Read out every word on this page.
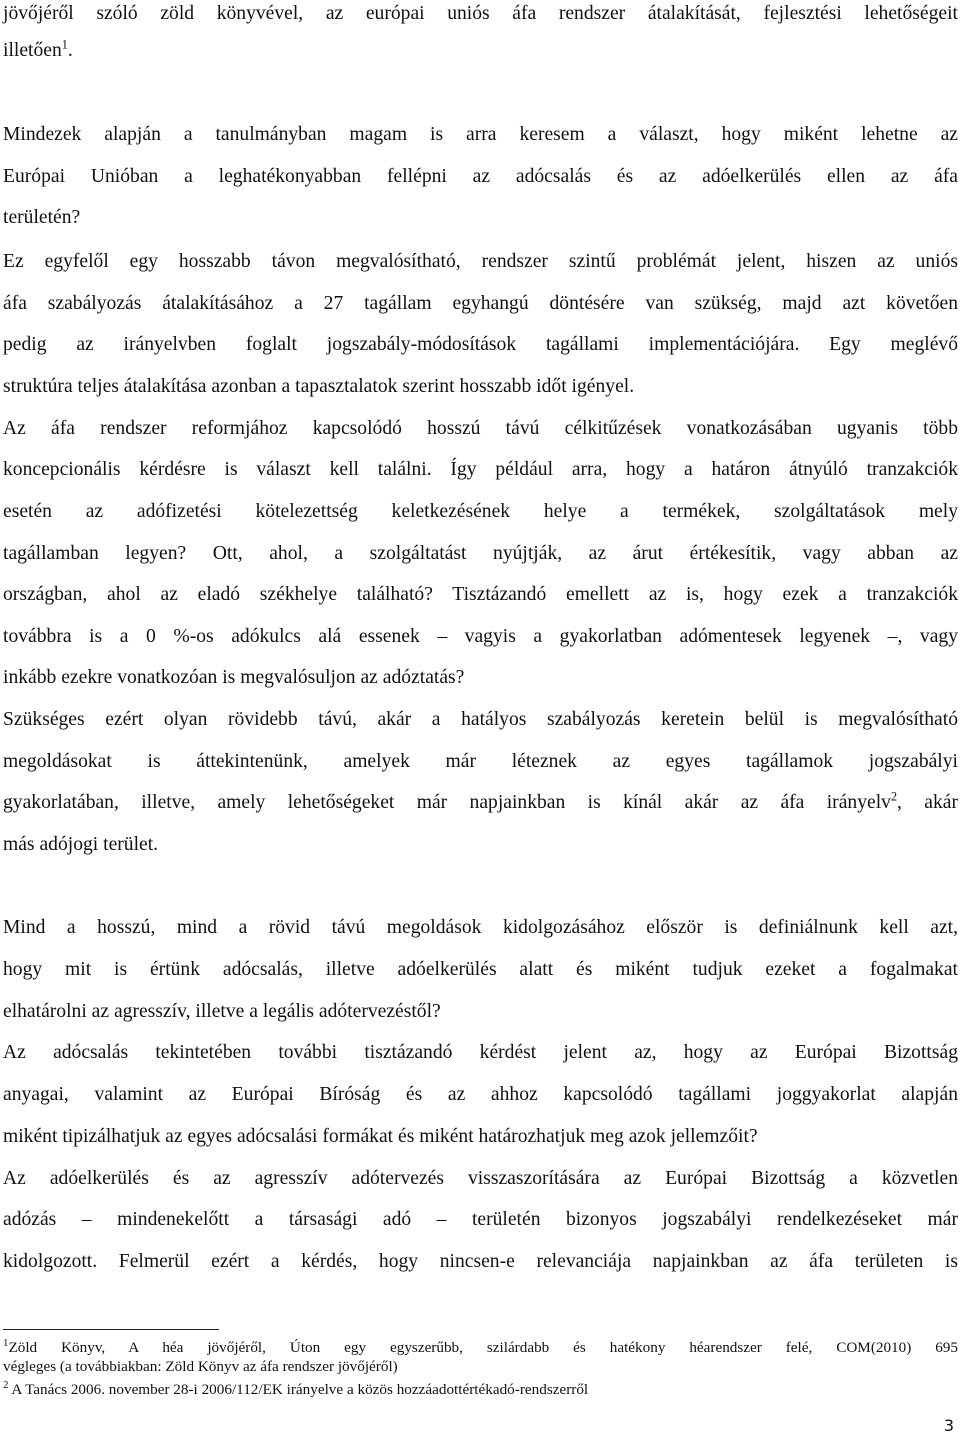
jövőjéről szóló zöld könyvével, az európai uniós áfa rendszer átalakítását, fejlesztési lehetőségeit
illetően$^1$.
Mindezek alapján a tanulmányban magam is arra keresem a választ, hogy miként lehetne az
Európai Unióban a leghatékonyabban fellépni az adócsalás és az adóelkerülés ellen az áfa
területén?
Ez egyfelől egy hosszabb távon megvalósítható, rendszer szintű problémát jelent, hiszen az uniós
áfa szabályozás átalakításához a 27 tagállam egyhangú döntésére van szükség, majd azt követően
pedig az irányelvben foglalt jogszabály-módosítások tagállami implementációjára. Egy meglévő
struktúra teljes átalakítása azonban a tapasztalatok szerint hosszabb időt igényel.
Az áfa rendszer reformjához kapcsolódó hosszú távú célkitűzések vonatkozásában ugyanis több
koncepcionális kérdésre is választ kell találni. Így például arra, hogy a határon átnyúló tranzakciók
esetén az adófizetési kötelezettség keletkezésének helye a termékek, szolgáltatások mely
tagállamban legyen? Ott, ahol, a szolgáltatást nyújtják, az árut értékesítik, vagy abban az
országban, ahol az eladó székhelye található? Tisztázandó emellett az is, hogy ezek a tranzakciók
továbbra is a 0 %-os adókulcs alá essenek – vagyis a gyakorlatban adómentesek legyenek –, vagy
inkább ezekre vonatkozóan is megvalósuljon az adóztatás?
Szükséges ezért olyan rövidebb távú, akár a hatályos szabályozás keretein belül is megvalósítható
megoldásokat is áttekintenünk, amelyek már léteznek az egyes tagállamok jogszabályi
gyakorlatában, illetve, amely lehetőségeket már napjainkban is kínál akár az áfa irányelv$^2$, akár
más adójogi terület.
Mind a hosszú, mind a rövid távú megoldások kidolgozásához először is definiálnunk kell azt,
hogy mit is értünk adócsalás, illetve adóelkerülés alatt és miként tudjuk ezeket a fogalmakat
elhatárolni az agresszív, illetve a legális adótervezéstől?
Az adócsalás tekintetében további tisztázandó kérdést jelent az, hogy az Európai Bizottság
anyagai, valamint az Európai Bíróság és az ahhoz kapcsolódó tagállami joggyakorlat alapján
miként tipizálhatjuk az egyes adócsalási formákat és miként határozhatjuk meg azok jellemzőit?
Az adóelkerülés és az agresszív adótervezés visszaszorítására az Európai Bizottság a közvetlen
adózás – mindenekelőtt a társasági adó – területén bizonyos jogszabályi rendelkezéseket már
kidolgozott. Felmerül ezért a kérdés, hogy nincsen-e relevanciája napjainkban az áfa területen is
$^1$Zöld Könyv, A héa jövőjéről, Úton egy egyszerűbb, szilárdabb és hatékony héarendszer felé, COM(2010) 695
végleges (a továbbiakban: Zöld Könyv az áfa rendszer jövőjéről)
$^2$ A Tanács 2006. november 28-i 2006/112/EK irányelve a közös hozzáadottértékadó-rendszerről
3
